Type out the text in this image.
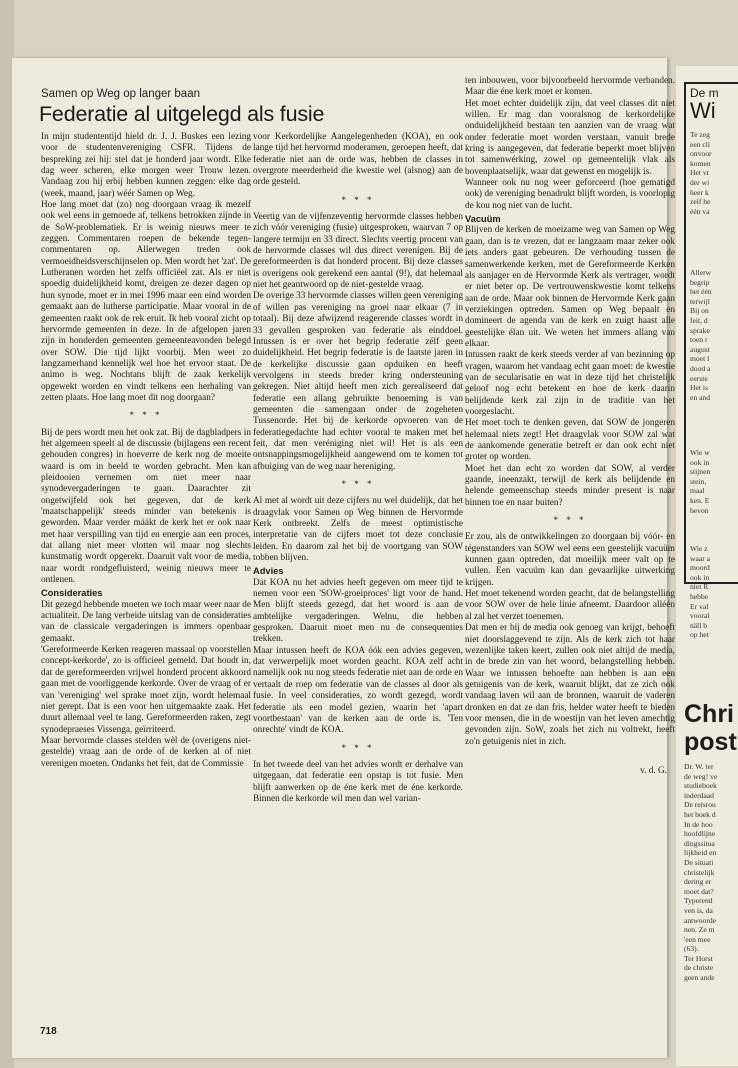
Samen op Weg op langer baan
Federatie al uitgelegd als fusie

In mijn studententijd hield dr. J. J. Buskes een lezing voor de studentenvereniging CSFR. Tijdens de bespreking zei hij: stel dat je honderd jaar wordt. Elke dag weer scheren, elke morgen weer Trouw lezen. Vandaag zou hij erbij hebben kunnen zeggen: elke dag (week, maand, jaar) wéér Samen op Weg.

Hoe lang moet dat (zo) nog doorgaan vraag ik mezelf ook wel eens in gemoede af, telkens betrokken zijnde in de SoW-problematiek. Er is weinig nieuws meer te zeggen. Commentaren roepen de bekende tegen-commentaren op. Allerwegen treden ook vermoeidheidsverschijnselen op. Men wordt het 'zat'. De Lutheranen worden het zelfs officiëel zat. Als er niet spoedig duidelijkheid komt, dreigen ze dezer dagen op hun synode, moet er in mei 1996 maar een eind worden gemaakt aan de lutherse participatie. Maar vooral in de gemeenten raakt ook de rek eruit. Ik heb vooral zicht op hervormde gemeenten in deze. In de afgelopen jaren zijn in honderden gemeenten gemeenteavonden belegd over SOW. Die tijd lijkt voorbij. Men weet zo langzamerhand kennelijk wel hoe het ervoor staat. De animo is weg. Nochtans blijft de zaak kerkelijk opgewekt worden en vindt telkens een herhaling van zetten plaats. Hoe lang moet dit nog doorgaan?

* * *

Bij de pers wordt men het ook zat. Bij de dagbladpers in het algemeen speelt al de discussie (bijlagens een recent gehouden congres) in hoeverre de kerk nog de moeite waard is om in beeld te worden gebracht. Men kan pleidooien vernemen om niet meer naar synodevergaderingen te gaan. Daarachter zit ongetwijfeld ook het gegeven, dat de kerk 'maatschappelijk' steeds minder van betekenis is geworden. Maar verder máákt de kerk het er ook naar met haar verspilling van tijd en energie aan een proces, dat allang niet meer vlotten wil maar nog slechts kunstmatig wordt opgerekt. Daaruit valt voor de media, naar wordt rondgefluisterd, weinig nieuws meer te ontlenen.

Consideraties

Dit gezegd hebbende moeten we toch maar weer naar de actualiteit. De lang verbeide uitslag van de consideraties van de classicale vergaderingen is immers openbaar gemaakt.

'Gereformeerde Kerken reageren massaal op voorstellen concept-kerkorde', zo is officieel gemeld. Dat houdt in, dat de gereformeerden vrijwel honderd procent akkoord gaan met de voorliggende kerkorde. Over de vraag of er van 'vereniging' wel sprake moet zijn, wordt helemaal niet gerept. Dat is een voor hen uitgemaakte zaak. Het duurt allemaal veel te lang. Gereformeerden raken, zegt synodepraeses Vissenga, geïrriteerd.

Maar hervormde classes stelden wèl de (overigens niet-gestelde) vraag aan de orde of de kerken al of niet verenigen moeten. Ondanks het feit, dat de Commissie

voor Kerkordelijke Aangelegenheden (KOA), en ook lange tijd het hervormd moderamen, geroepen heeft, dat federatie niet aan de orde was, hebben de classes in overgrote meerderheid die kwestie wel (alsnog) aan de orde gesteld.

* * *

Veertig van de vijfenzeventig hervormde classes hebben zich vóór vereniging (fusie) uitgesproken, waarvan 7 op langere termijn en 33 direct. Slechts veertig procent van de hervormde classes wil dus direct verenigen. Bij de gereformeerden is dat honderd procent. Bij deze classes is overigens ook gerekend een aantal (9!), dat helemaal niet het geantwoord op de niet-gestelde vraag.

De overige 33 hervormde classes willen geen vereniging of willen pas vereniging na groei naar elkaar (7 in totaal). Bij deze afwijzend reagerende classes wordt in 33 gevallen gesproken van federatie als einddoel. Intussen is er over het begrip federatie zélf geen duidelijkheid. Het begrip federatie is de laatste jaren in de kerkelijke discussie gaan opduiken en heeft vervolgens in steeds breder kring ondersteuning gekregen. Niet altijd heeft men zich gerealiseerd dat federatie een allang gebruikte benoeming is van gemeenten die samengaan onder de zogeheten Tussenorde. Het bij de kerkorde opvoeren van de federatiegedachte had echter vooral te maken met het feit, dat men veréniging niet wil! Het is als een ontsnappingsmogelijkheid aangewend om te komen tot afbuiging van de weg naar hereniging.

* * *

Al met al wordt uit deze cijfers nu wel duidelijk, dat het draagvlak voor Samen op Weg binnen de Hervormde Kerk ontbreekt. Zelfs de meest optimistische interpretatie van de cijfers moet tot deze conclusie leiden. En daarom zal het bij de voortgang van SOW tobben blijven.

Advies

Dat KOA nu het advies heeft gegeven om meer tijd te nemen voor een 'SOW-groeiproces' ligt voor de hand. Men blijft steeds gezegd, dat het woord is aan de ambtelijke vergaderingen. Welnu, die hebben gesproken. Daaruit moet men nu de consequenties trekken.

Maar intussen heeft de KOA óók een advies gegeven, dat verwerpelijk moet worden geacht. KOA zelf acht namelijk ook nu nog steeds federatie niet aan de orde en vertaalt de roep om federatie van de classes al door als fusie. In veel consideraties, zo wordt gezegd, wordt federatie als een model gezien, waarin het 'apart voortbestaan' van de kerken aan de orde is. 'Ten onrechte' vindt de KOA.

* * *

In het tweede deel van het advies wordt er derhalve van uitgegaan, dat federatie een opstap is tot fusie. Men blijft aanwerken op de éne kerk met de éne kerkorde. Binnen die kerkorde wil men dan wel varian-

ten inbouwen, voor bijvoorbeeld hervormde verbanden. Maar die éne kerk moet er komen.

Het moet echter duidelijk zijn, dat veel classes dit niet willen. Er mag dan vooralsnog de kerkordelijke onduidelijkheid bestaan ten aanzien van de vraag wat onder federatie moet worden verstaan, vanuit brede kring is aangegeven, dat federatie beperkt moet blijven tot samenwérking, zowel op gemeentelijk vlak als bovenplaatselijk, waar dat gewenst en mogelijk is.

Wanneer ook nu nog weer geforceerd (hoe gematigd ook) de vereniging benadrukt blijft worden, is voorlopig de kou nog niet van de lucht.

Vacuüm

Blijven de kerken de moeizame weg van Samen op Weg gaan, dan is te vrezen, dat er langzaam maar zeker ook iets anders gaat gebeuren. De verhouding tussen de samenwerkende kerken, met de Gereformeerde Kerken als aanjager en de Hervormde Kerk als vertrager, wordt er niet beter op. De vertrouwenskwestie komt telkens aan de orde. Maar ook binnen de Hervormde Kerk gaan verziekingen optreden. Samen op Weg bepaalt en domineert de agenda van de kerk en zuigt haast alle geestelijke élan uit. We weten het immers allang van elkaar.

Intussen raakt de kerk steeds verder af van bezinning op vragen, waarom het vandaag echt gaan moet: de kwestie van de secularisatie en wat in deze tijd het christelijk geloof nog echt betekent en hoe de kerk daarin belijdende kerk zal zijn in de traditie van het voorgeslacht.

Het moet toch te denken geven, dat SOW de jongeren helemaal niets zegt! Het draagvlak voor SOW zal wat de aankomende generatie betreft er dan ook echt niet groter op worden.

Moet het dan echt zo worden dat SOW, al verder gaande, ineenzakt, terwijl de kerk als belijdende en helende gemeenschap steeds minder present is naar binnen toe en naar buiten?

* * *

Er zou, als de ontwikkelingen zo doorgaan bij vóór- en tégenstanders van SOW wel eens een geestelijk vacuüm kunnen gaan optreden, dat moeilijk meer valt op te vullen. Een vacuüm kan dan gevaarlijke uitwerking krijgen.

Het moet tekenend worden geacht, dat de belangstelling voor SOW over de hele linie afneemt. Daardoor alléén al zal het verzet toenemen.

Dat men er bij de media ook genoeg van krijgt, behoeft niet doorslaggevend te zijn. Als de kerk zich tot haar wezenlijke taken keert, zullen ook niet altijd de media, in de brede zin van het woord, belangstelling hebben. Waar we intussen behoefte aan hebben is aan een getuigenis van de kerk, waaruit blijkt, dat ze zich ook vandaag laven wil aan de bronnen, waaruit de vaderen dronken en dat ze dan fris, helder water heeft te bieden voor mensen, die in de woestijn van het leven amechtig gevonden zijn. SoW, zoals het zich nu voltrekt, heeft zo'n getuigenis niet in zich.

v. d. G.
718
De m
Wi
Te zeg
een cli
onvoor
komen
Het vr
der wi
heer k
zelf he
één va
Allerw
begrip
het één
terwijl
Bij on
feit, d
sprake
toen r
august
moet l
dood a
eerste
Het is
en and
Wie w
ook in
stijnen
stein,
maal
ken. E
bevon
Wie z
waar a
moord
ook in
niet R
hebbe
Er val
vooral
näll b
op het
Chri
post
Dr. W. ter
de weg! ve
studieboek
inderdaad
De reisrou
het boek d
In de hoo
hoofdlijne
dingssitua
lijkheid en
De situati
christelijk
dering er
moet dat?
Typerend
ven is, da
antwoorde
nen. Ze m
'een mee
(63).
Ter Horst
de christe
geen ande
